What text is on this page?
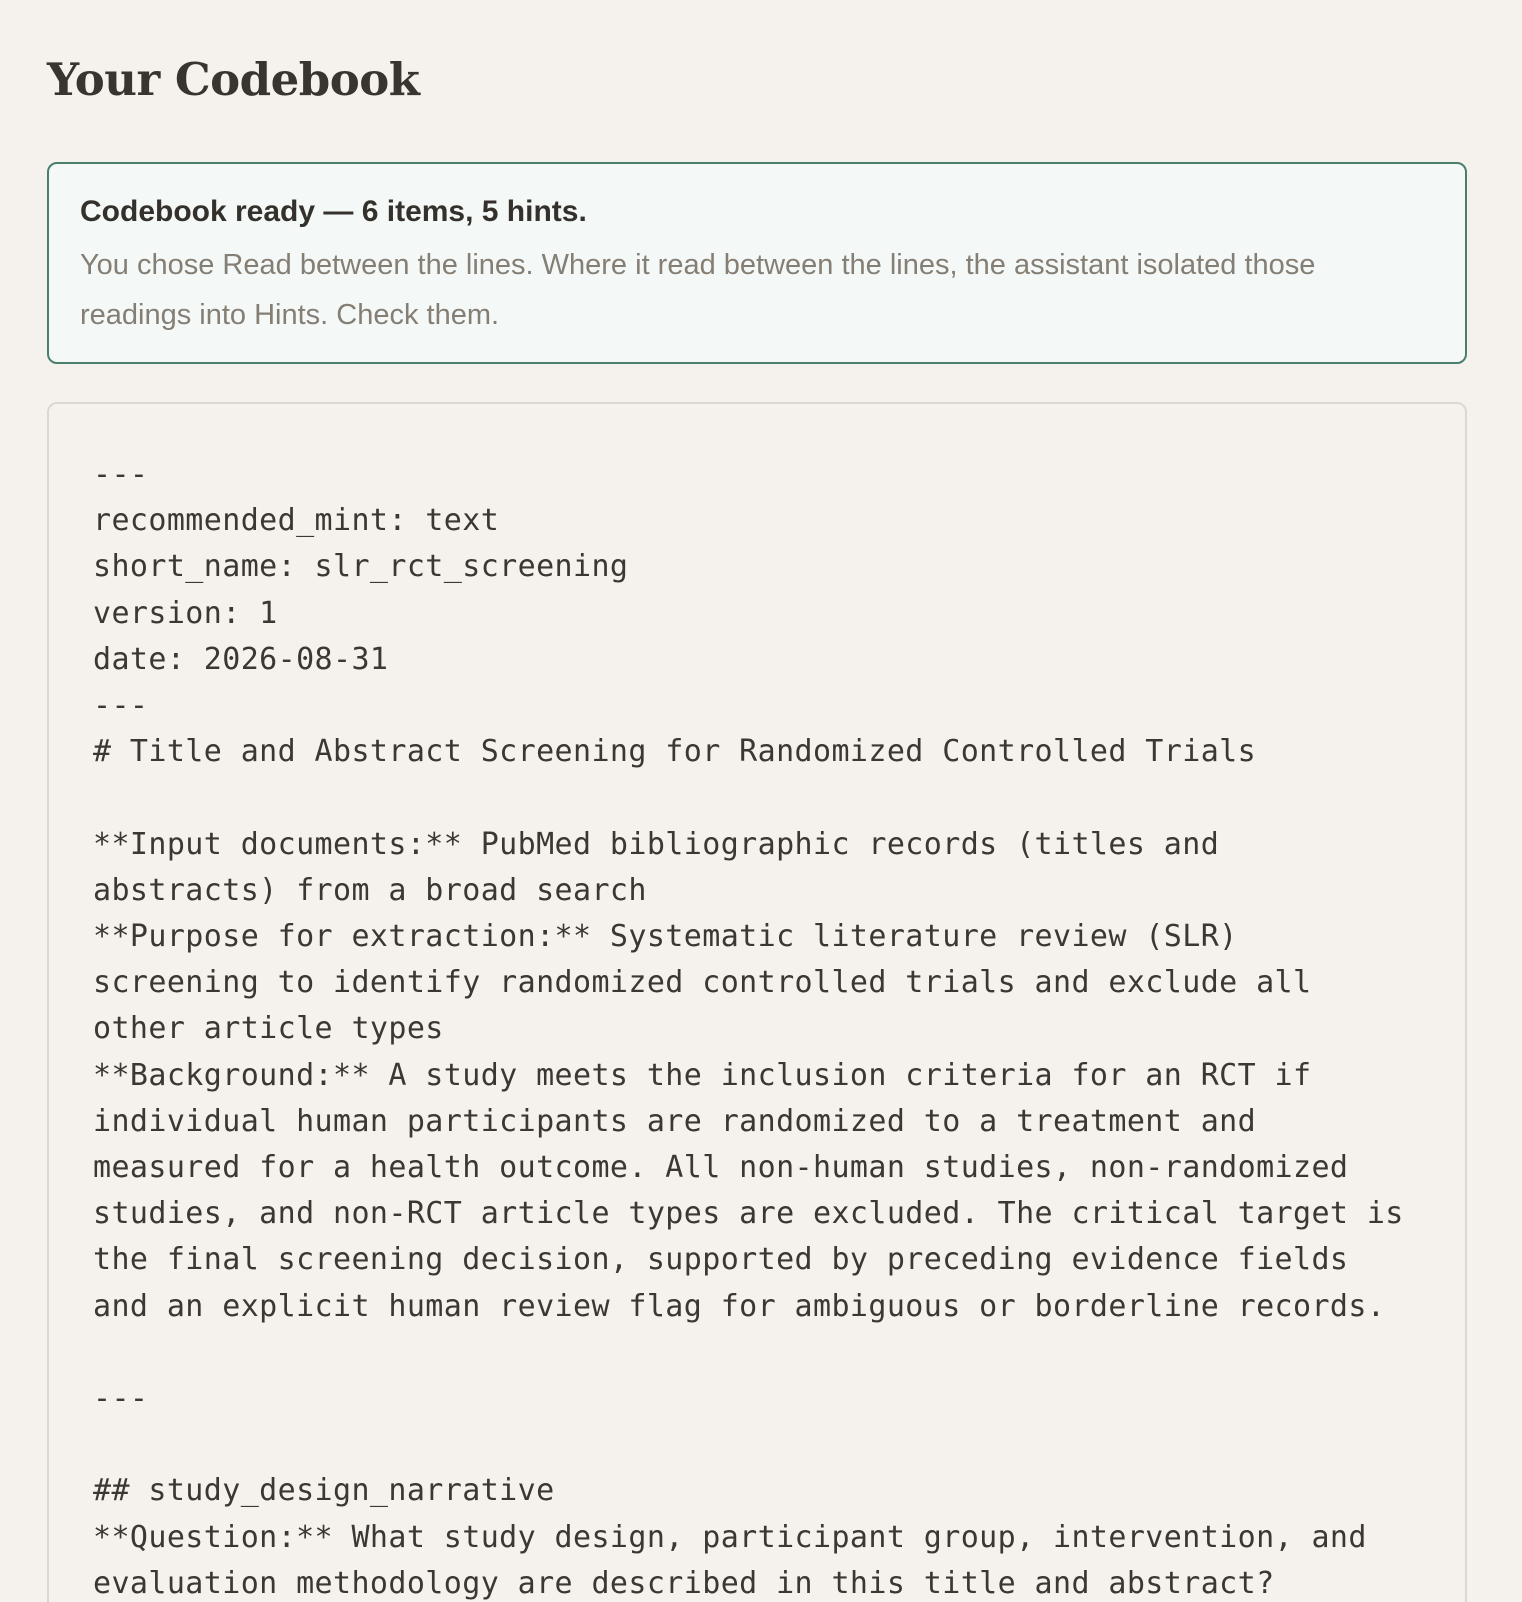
Your Codebook

Codebook ready — 6 items, 5 hints.

You chose Read between the lines. Where it read between the lines, the assistant isolated those readings into Hints. Check them.

---
recommended_mint: text
short_name: slr_rct_screening
version: 1
date: 2026-08-31
---
# Title and Abstract Screening for Randomized Controlled Trials

**Input documents:** PubMed bibliographic records (titles and
abstracts) from a broad search
**Purpose for extraction:** Systematic literature review (SLR)
screening to identify randomized controlled trials and exclude all
other article types
**Background:** A study meets the inclusion criteria for an RCT if
individual human participants are randomized to a treatment and
measured for a health outcome. All non-human studies, non-randomized
studies, and non-RCT article types are excluded. The critical target is
the final screening decision, supported by preceding evidence fields
and an explicit human review flag for ambiguous or borderline records.

---

## study_design_narrative
**Question:** What study design, participant group, intervention, and
evaluation methodology are described in this title and abstract?
